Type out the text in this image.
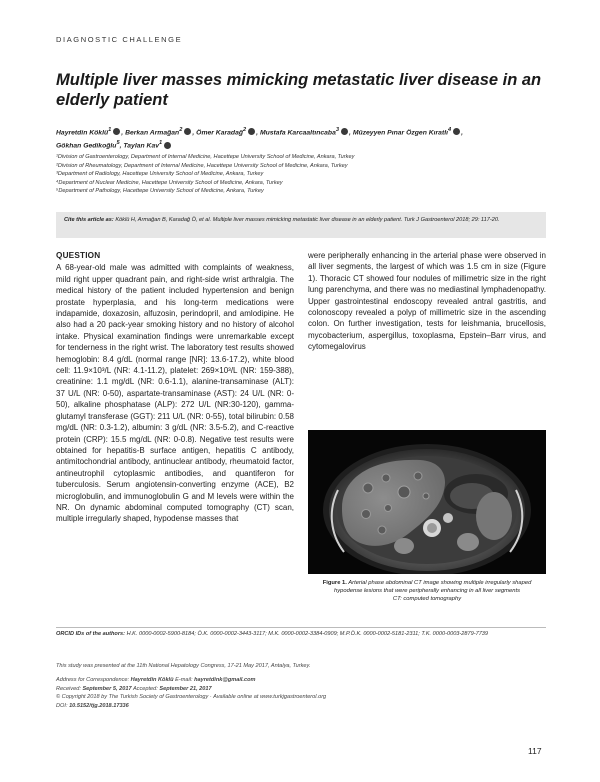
DIAGNOSTIC CHALLENGE
Multiple liver masses mimicking metastatic liver disease in an elderly patient
Hayretdin Köklü$^1$ , Berkan Armağan$^2$ , Ömer Karadağ$^2$ , Mustafa Karcaaltıncaba$^3$ , Müzeyyen Pınar Özgen Kıratlı$^4$ ,
Gökhan Gedikoğlu$^5$, Taylan Kav$^1$
¹Division of Gastroenterology, Department of Internal Medicine, Hacettepe University School of Medicine, Ankara, Turkey
²Division of Rheumatology, Department of Internal Medicine, Hacettepe University School of Medicine, Ankara, Turkey
³Department of Radiology, Hacettepe University School of Medicine, Ankara, Turkey
⁴Department of Nuclear Medicine, Hacettepe University School of Medicine, Ankara, Turkey
⁵Department of Pathology, Hacettepe University School of Medicine, Ankara, Turkey
Cite this article as: Köklü H, Armağan B, Karadağ Ö, et al. Multiple liver masses mimicking metastatic liver disease in an elderly patient. Turk J Gastroenterol 2018; 29: 117-20.
QUESTION

A 68-year-old male was admitted with complaints of weakness, mild right upper quadrant pain, and right-side wrist arthralgia. The medical history of the patient included hypertension and benign prostate hyperplasia, and his long-term medications were indapamide, doxazosin, alfuzosin, perindopril, and amlodipine. He also had a 20 pack-year smoking history and no history of alcohol intake. Physical examination findings were unremarkable except for tenderness in the right wrist. The laboratory test results showed hemoglobin: 8.4 g/dL (normal range [NR]: 13.6-17.2), white blood cell: 11.9×10³/L (NR: 4.1-11.2), platelet: 269×10³/L (NR: 159-388), creatinine: 1.1 mg/dL (NR: 0.6-1.1), alanine-transaminase (ALT): 37 U/L (NR: 0-50), aspartate-transaminase (AST): 24 U/L (NR: 0-50), alkaline phosphatase (ALP): 272 U/L (NR:30-120), gamma-glutamyl transferase (GGT): 211 U/L (NR: 0-55), total bilirubin: 0.58 mg/dL (NR: 0.3-1.2), albumin: 3 g/dL (NR: 3.5-5.2), and C-reactive protein (CRP): 15.5 mg/dL (NR: 0-0.8). Negative test results were obtained for hepatitis-B surface antigen, hepatitis C antibody, antimitochondrial antibody, antinuclear antibody, rheumatoid factor, antineutrophil cytoplasmic antibodies, and quantiferon for tuberculosis. Serum angiotensin-converting enzyme (ACE), B2 microglobulin, and immunoglobulin G and M levels were within the NR. On dynamic abdominal computed tomography (CT) scan, multiple irregularly shaped, hypodense masses that

were peripherally enhancing in the arterial phase were observed in all liver segments, the largest of which was 1.5 cm in size (Figure 1). Thoracic CT showed four nodules of millimetric size in the right lung parenchyma, and there was no mediastinal lymphadenopathy. Upper gastrointestinal endoscopy revealed antral gastritis, and colonoscopy revealed a polyp of millimetric size in the ascending colon. On further investigation, tests for leishmania, brucellosis, mycobacterium, aspergillus, toxoplasma, Epstein–Barr virus, and cytomegalovirus

Figure 1. Arterial phase abdominal CT image showing multiple irregularly shaped hypodense lesions that were peripherally enhancing in all liver segments
CT: computed tomography
ORCID IDs of the authors: H.K. 0000-0002-5900-8184; Ö.K. 0000-0002-3443-3117; M.K. 0000-0002-3384-0909; M.P.Ö.K. 0000-0002-5181-2311; T.K. 0000-0003-2879-7739
This study was presented at the 11th National Hepatology Congress, 17-21 May 2017, Antalya, Turkey.
Address for Correspondence: Hayretdin Köklü E-mail: hayretdink@gmail.com
Received: September 5, 2017 Accepted: September 21, 2017
© Copyright 2018 by The Turkish Society of Gastroenterology · Available online at www.turkjgastroenterol.org
DOI: 10.5152/tjg.2018.17336
117
